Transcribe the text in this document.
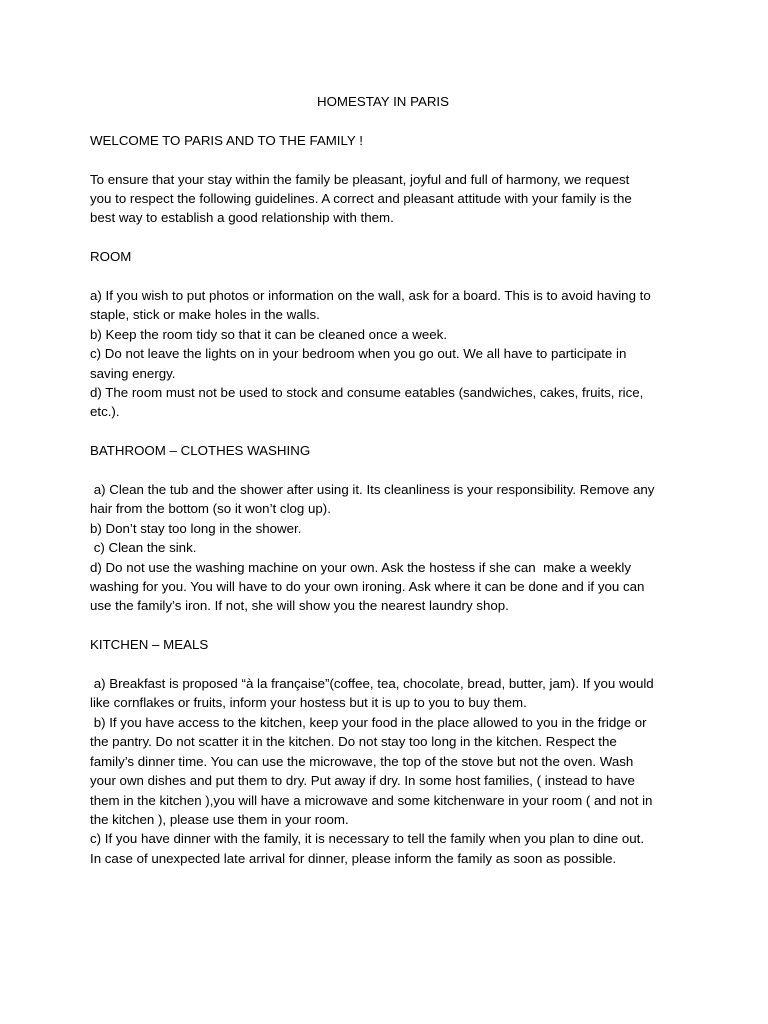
HOMESTAY IN PARIS
WELCOME TO PARIS AND TO THE FAMILY !
To ensure that your stay within the family be pleasant, joyful and full of harmony, we request
you to respect the following guidelines. A correct and pleasant attitude with your family is the
best way to establish a good relationship with them.
ROOM
a) If you wish to put photos or information on the wall, ask for a board. This is to avoid having to
staple, stick or make holes in the walls.
b) Keep the room tidy so that it can be cleaned once a week.
c) Do not leave the lights on in your bedroom when you go out. We all have to participate in
saving energy.
d) The room must not be used to stock and consume eatables (sandwiches, cakes, fruits, rice,
etc.).
BATHROOM – CLOTHES WASHING
a) Clean the tub and the shower after using it. Its cleanliness is your responsibility. Remove any
hair from the bottom (so it won’t clog up).
b) Don’t stay too long in the shower.
c) Clean the sink.
d) Do not use the washing machine on your own. Ask the hostess if she can  make a weekly
washing for you. You will have to do your own ironing. Ask where it can be done and if you can
use the family’s iron. If not, she will show you the nearest laundry shop.
KITCHEN – MEALS
a) Breakfast is proposed “à la française”(coffee, tea, chocolate, bread, butter, jam). If you would
like cornflakes or fruits, inform your hostess but it is up to you to buy them.
b) If you have access to the kitchen, keep your food in the place allowed to you in the fridge or
the pantry. Do not scatter it in the kitchen. Do not stay too long in the kitchen. Respect the
family’s dinner time. You can use the microwave, the top of the stove but not the oven. Wash
your own dishes and put them to dry. Put away if dry. In some host families, ( instead to have
them in the kitchen ),you will have a microwave and some kitchenware in your room ( and not in
the kitchen ), please use them in your room.
c) If you have dinner with the family, it is necessary to tell the family when you plan to dine out.
In case of unexpected late arrival for dinner, please inform the family as soon as possible.
